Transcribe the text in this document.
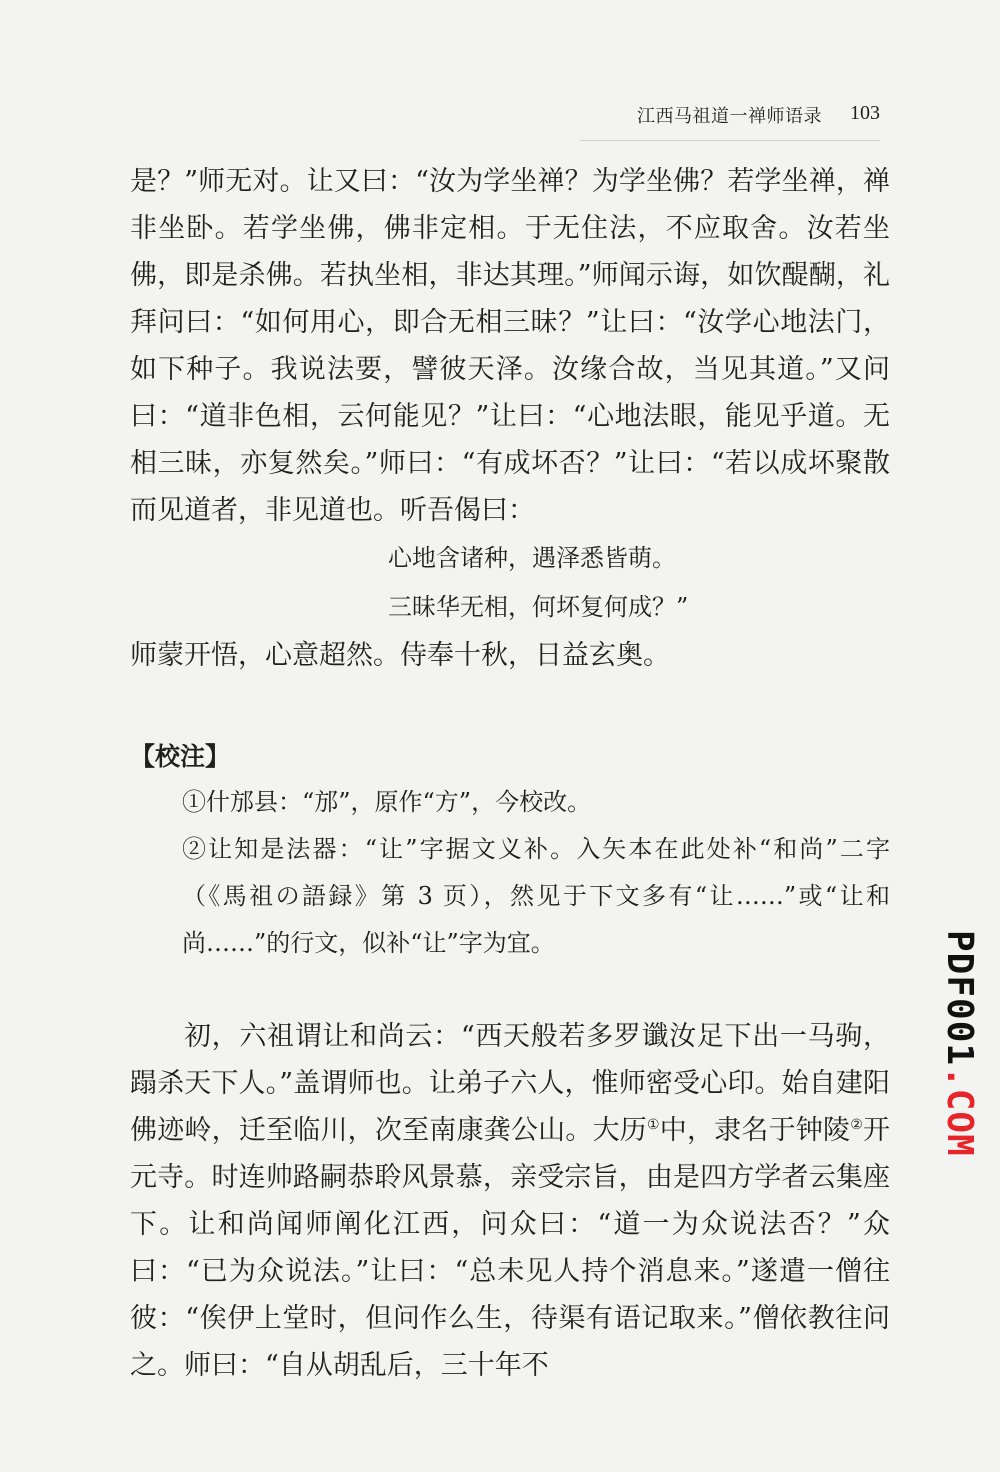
江西马祖道一禅师语录 103

是？”师无对。让又曰：“汝为学坐禅？为学坐佛？若学坐禅，禅非坐卧。若学坐佛，佛非定相。于无住法，不应取舍。汝若坐佛，即是杀佛。若执坐相，非达其理。”师闻示诲，如饮醍醐，礼拜问曰：“如何用心，即合无相三昧？”让曰：“汝学心地法门，如下种子。我说法要，譬彼天泽。汝缘合故，当见其道。”又问曰：“道非色相，云何能见？”让曰：“心地法眼，能见乎道。无相三昧，亦复然矣。”师曰：“有成坏否？”让曰：“若以成坏聚散而见道者，非见道也。听吾偈曰：

心地含诸种，遇泽悉皆萌。

三昧华无相，何坏复何成？”

师蒙开悟，心意超然。侍奉十秋，日益玄奥。

【校注】

①什邡县：“邡”，原作“方”，今校改。

②让知是法器：“让”字据文义补。入矢本在此处补“和尚”二字（《馬祖の語録》第 3 页），然见于下文多有“让……”或“让和尚……”的行文，似补“让”字为宜。

初，六祖谓让和尚云：“西天般若多罗谶汝足下出一马驹，蹋杀天下人。”盖谓师也。让弟子六人，惟师密受心印。始自建阳佛迹岭，迁至临川，次至南康龚公山。大历①中，隶名于钟陵②开元寺。时连帅路嗣恭聆风景慕，亲受宗旨，由是四方学者云集座下。让和尚闻师阐化江西，问众曰：“道一为众说法否？”众曰：“已为众说法。”让曰：“总未见人持个消息来。”遂遣一僧往彼：“俟伊上堂时，但问作么生，待渠有语记取来。”僧依教往问之。师曰：“自从胡乱后，三十年不

PDF001.COM
